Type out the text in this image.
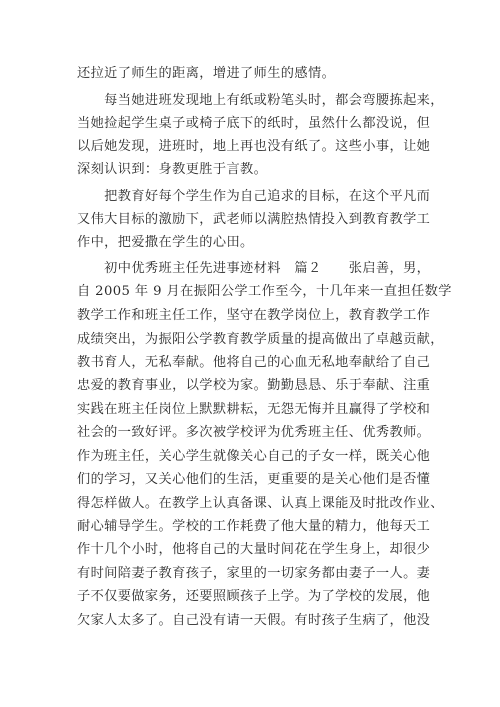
还拉近了师生的距离，增进了师生的感情。
　　每当她进班发现地上有纸或粉笔头时，都会弯腰拣起来，
当她捡起学生桌子或椅子底下的纸时，虽然什么都没说，但
以后她发现，进班时，地上再也没有纸了。这些小事，让她
深刻认识到：身教更胜于言教。
　　把教育好每个学生作为自己追求的目标，在这个平凡而
又伟大目标的激励下，武老师以满腔热情投入到教育教学工
作中，把爱撒在学生的心田。
　　初中优秀班主任先进事迹材料　篇２　　张启善，男，
自 2005 年 9 月在振阳公学工作至今，十几年来一直担任数学
教学工作和班主任工作，坚守在教学岗位上，教育教学工作
成绩突出，为振阳公学教育教学质量的提高做出了卓越贡献，
教书育人，无私奉献。他将自己的心血无私地奉献给了自己
忠爱的教育事业，以学校为家。勤勤恳恳、乐于奉献、注重
实践在班主任岗位上默默耕耘，无怨无悔并且赢得了学校和
社会的一致好评。多次被学校评为优秀班主任、优秀教师。
作为班主任，关心学生就像关心自己的子女一样，既关心他
们的学习，又关心他们的生活，更重要的是关心他们是否懂
得怎样做人。在教学上认真备课、认真上课能及时批改作业、
耐心辅导学生。学校的工作耗费了他大量的精力，他每天工
作十几个小时，他将自己的大量时间花在学生身上，却很少
有时间陪妻子教育孩子，家里的一切家务都由妻子一人。妻
子不仅要做家务，还要照顾孩子上学。为了学校的发展，他
欠家人太多了。自己没有请一天假。有时孩子生病了，他没
